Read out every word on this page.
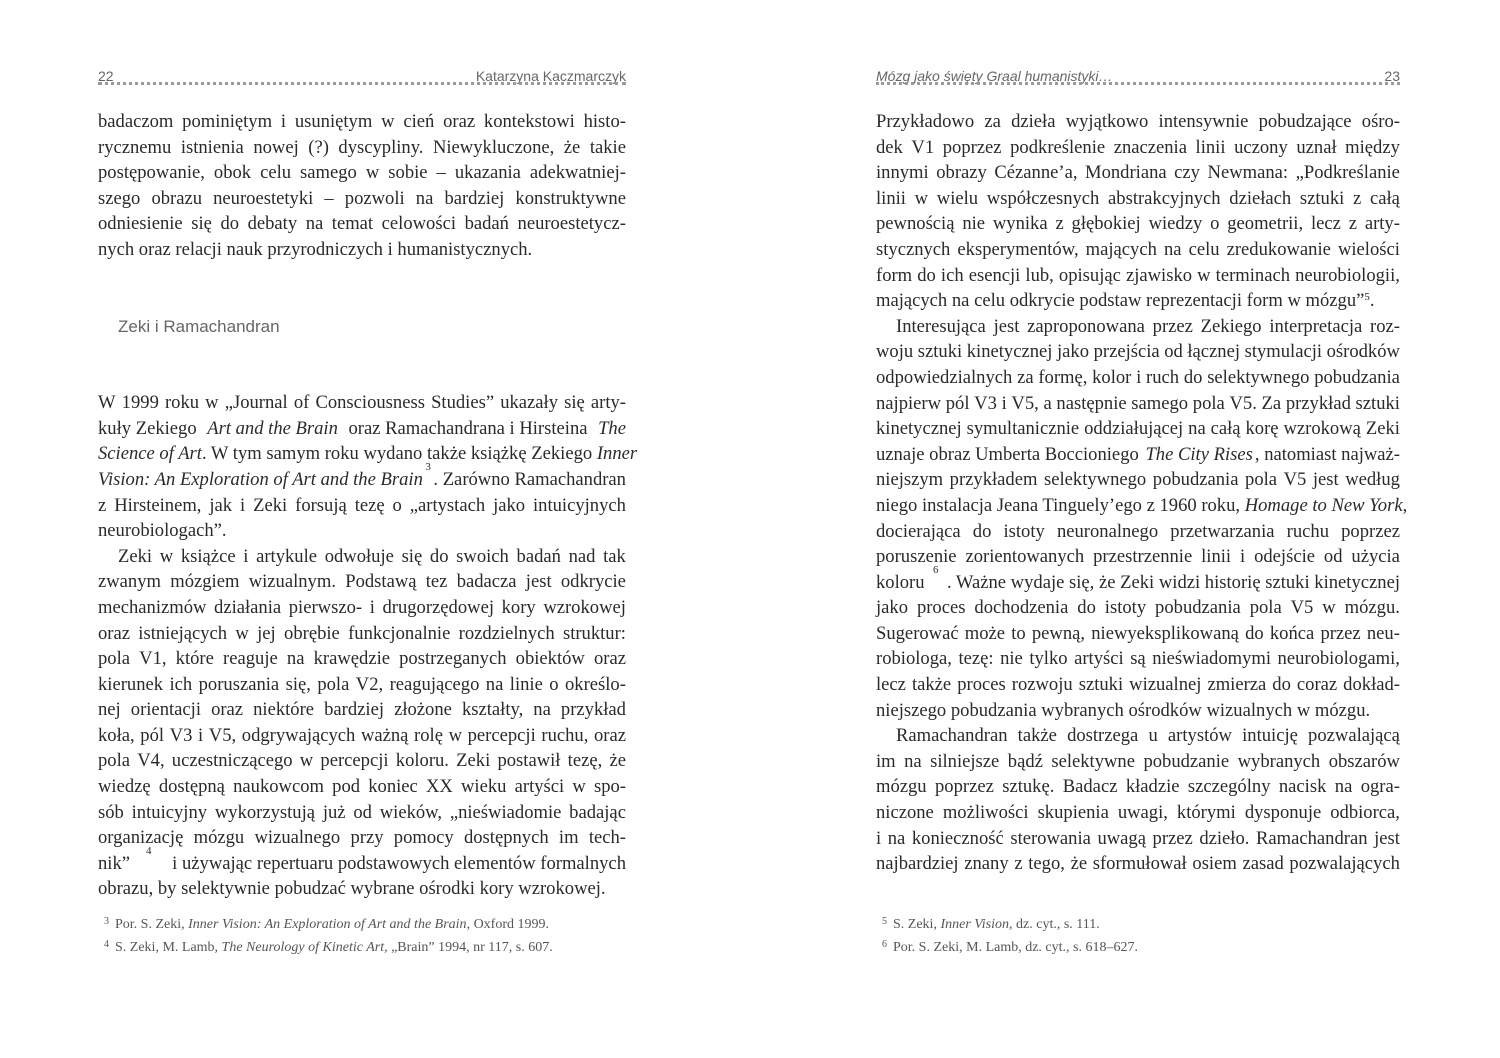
22	Katarzyna Kaczmarczyk
badaczom pominiętym i usuniętym w cień oraz kontekstowi histo-
rycznemu istnienia nowej (?) dyscypliny. Niewykluczone, że takie
postępowanie, obok celu samego w sobie – ukazania adekwatniej-
szego obrazu neuroestetyki – pozwoli na bardziej konstruktywne
odniesienie się do debaty na temat celowości badań neuroestetycz-
nych oraz relacji nauk przyrodniczych i humanistycznych.
Zeki i Ramachandran
W 1999 roku w „Journal of Consciousness Studies” ukazały się arty-
kuły Zekiego Art and the Brain oraz Ramachandrana i Hirsteina The
Science of Art . W tym samym roku wydano także książkę Zekiego Inner
Vision: An Exploration of Art and the Brain
3
. Zarówno Ramachandran
z Hirsteinem, jak i Zeki forsują tezę o „artystach jako intuicyjnych
neurobiologach”.
Zeki w książce i artykule odwołuje się do swoich badań nad tak
zwanym mózgiem wizualnym. Podstawą tez badacza jest odkrycie
mechanizmów działania pierwszo- i drugorzędowej kory wzrokowej
oraz istniejących w jej obrębie funkcjonalnie rozdzielnych struktur:
pola V1, które reaguje na krawędzie postrzeganych obiektów oraz
kierunek ich poruszania się, pola V2, reagującego na linie o określo-
nej orientacji oraz niektóre bardziej złożone kształty, na przykład
koła, pól V3 i V5, odgrywających ważną rolę w percepcji ruchu, oraz
pola V4, uczestniczącego w percepcji koloru. Zeki postawił tezę, że
wiedzę dostępną naukowcom pod koniec XX wieku artyści w spo-
sób intuicyjny wykorzystują już od wieków, „nieświadomie badając
organizację mózgu wizualnego przy pomocy dostępnych im tech-
nik”
4
i używając repertuaru podstawowych elementów formalnych
obrazu, by selektywnie pobudzać wybrane ośrodki kory wzrokowej.
$^3$ Por. S. Zeki, Inner Vision: An Exploration of Art and the Brain, Oxford 1999.
$^4$ S. Zeki, M. Lamb, The Neurology of Kinetic Art, „Brain” 1994, nr 117, s. 607.
Mózg jako święty Graal humanistyki…	23
Przykładowo za dzieła wyjątkowo intensywnie pobudzające ośro-
dek V1 poprzez podkreślenie znaczenia linii uczony uznał między
innymi obrazy Cézanne’a, Mondriana czy Newmana: „Podkreślanie
linii w wielu współczesnych abstrakcyjnych dziełach sztuki z całą
pewnością nie wynika z głębokiej wiedzy o geometrii, lecz z arty-
stycznych eksperymentów, mających na celu zredukowanie wielości
form do ich esencji lub, opisując zjawisko w terminach neurobiologii,
mających na celu odkrycie podstaw reprezentacji form w mózgu”$^5$.
Interesująca jest zaproponowana przez Zekiego interpretacja roz-
woju sztuki kinetycznej jako przejścia od łącznej stymulacji ośrodków
odpowiedzialnych za formę, kolor i ruch do selektywnego pobudzania
najpierw pól V3 i V5, a następnie samego pola V5. Za przykład sztuki
kinetycznej symultanicznie oddziałującej na całą korę wzrokową Zeki
uznaje obraz Umberta Boccioniego The City Rises , natomiast najważ-
niejszym przykładem selektywnego pobudzania pola V5 jest według
niego instalacja Jeana Tinguely’ego z 1960 roku, Homage to New York ,
docierająca do istoty neuronalnego przetwarzania ruchu poprzez
poruszenie zorientowanych przestrzennie linii i odejście od użycia
koloru
6
. Ważne wydaje się, że Zeki widzi historię sztuki kinetycznej
jako proces dochodzenia do istoty pobudzania pola V5 w mózgu.
Sugerować może to pewną, niewyeksplikowaną do końca przez neu-
robiologa, tezę: nie tylko artyści są nieświadomymi neurobiologami,
lecz także proces rozwoju sztuki wizualnej zmierza do coraz dokład-
niejszego pobudzania wybranych ośrodków wizualnych w mózgu.
Ramachandran także dostrzega u artystów intuicję pozwalającą
im na silniejsze bądź selektywne pobudzanie wybranych obszarów
mózgu poprzez sztukę. Badacz kładzie szczególny nacisk na ogra-
niczone możliwości skupienia uwagi, którymi dysponuje odbiorca,
i na konieczność sterowania uwagą przez dzieło. Ramachandran jest
najbardziej znany z tego, że sformułował osiem zasad pozwalających
$^5$ S. Zeki, Inner Vision, dz. cyt., s. 111.
$^6$ Por. S. Zeki, M. Lamb, dz. cyt., s. 618–627.
